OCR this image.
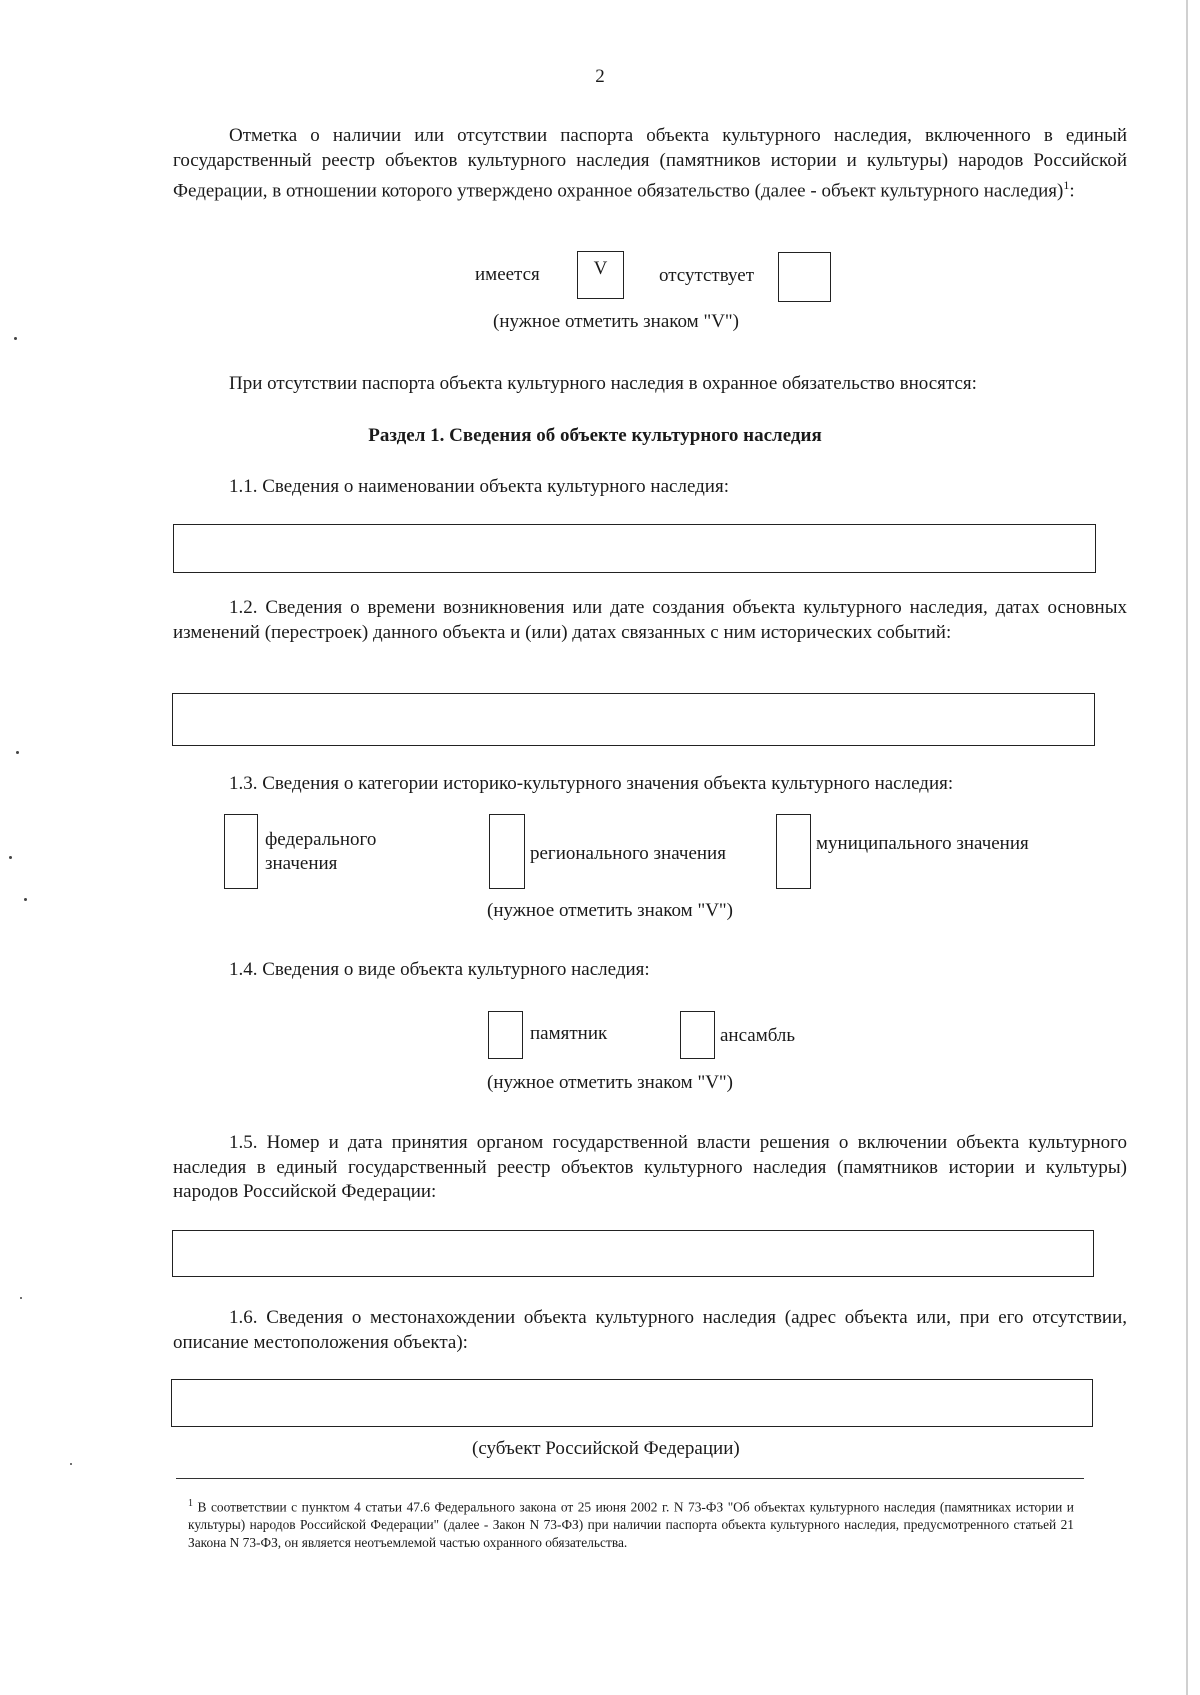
2
Отметка о наличии или отсутствии паспорта объекта культурного наследия, включенного в единый государственный реестр объектов культурного наследия (памятников истории и культуры) народов Российской Федерации, в отношении которого утверждено охранное обязательство (далее - объект культурного наследия)$^1$:
имеется	V	отсутствует
(нужное отметить знаком "V")
При отсутствии паспорта объекта культурного наследия в охранное обязательство вносятся:
Раздел 1. Сведения об объекте культурного наследия
1.1. Сведения о наименовании объекта культурного наследия:
1.2. Сведения о времени возникновения или дате создания объекта культурного наследия, датах основных изменений (перестроек) данного объекта и (или) датах связанных с ним исторических событий:
1.3. Сведения о категории историко-культурного значения объекта культурного наследия:
федерального значения	регионального значения	муниципального значения
(нужное отметить знаком "V")
1.4. Сведения о виде объекта культурного наследия:
памятник	ансамбль
(нужное отметить знаком "V")
1.5. Номер и дата принятия органом государственной власти решения о включении объекта культурного наследия в единый государственный реестр объектов культурного наследия (памятников истории и культуры) народов Российской Федерации:
1.6. Сведения о местонахождении объекта культурного наследия (адрес объекта или, при его отсутствии, описание местоположения объекта):
(субъект Российской Федерации)
$^1$ В соответствии с пунктом 4 статьи 47.6 Федерального закона от 25 июня 2002 г. N 73-ФЗ "Об объектах культурного наследия (памятниках истории и культуры) народов Российской Федерации" (далее - Закон N 73-ФЗ) при наличии паспорта объекта культурного наследия, предусмотренного статьей 21 Закона N 73-ФЗ, он является неотъемлемой частью охранного обязательства.
